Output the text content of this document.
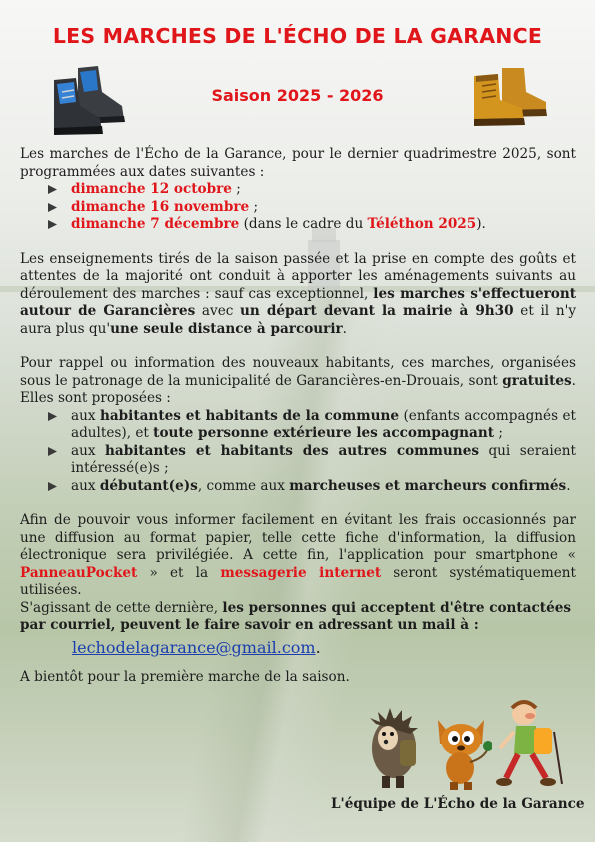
LES MARCHES DE L'ÉCHO DE LA GARANCE
Saison 2025 - 2026

Les marches de l'Écho de la Garance, pour le dernier quadrimestre 2025, sont programmées aux dates suivantes :

dimanche 12 octobre ;
dimanche 16 novembre ;
dimanche 7 décembre (dans le cadre du Téléthon 2025).

Les enseignements tirés de la saison passée et la prise en compte des goûts et attentes de la majorité ont conduit à apporter les aménagements suivants au déroulement des marches : sauf cas exceptionnel, les marches s'effectueront autour de Garancières avec un départ devant la mairie à 9h30 et il n'y aura plus qu'une seule distance à parcourir.

Pour rappel ou information des nouveaux habitants, ces marches, organisées sous le patronage de la municipalité de Garancières-en-Drouais, sont gratuites. Elles sont proposées :

aux habitantes et habitants de la commune (enfants accompagnés et adultes), et toute personne extérieure les accompagnant ;
aux habitantes et habitants des autres communes qui seraient intéressé(e)s ;
aux débutant(e)s, comme aux marcheuses et marcheurs confirmés.

Afin de pouvoir vous informer facilement en évitant les frais occasionnés par une diffusion au format papier, telle cette fiche d'information, la diffusion électronique sera privilégiée. A cette fin, l'application pour smartphone « PanneauPocket » et la messagerie internet seront systématiquement utilisées.

S'agissant de cette dernière, les personnes qui acceptent d'être contactées par courriel, peuvent le faire savoir en adressant un mail à :

lechodelagarance@gmail.com.

A bientôt pour la première marche de la saison.

L'équipe de L'Écho de la Garance
